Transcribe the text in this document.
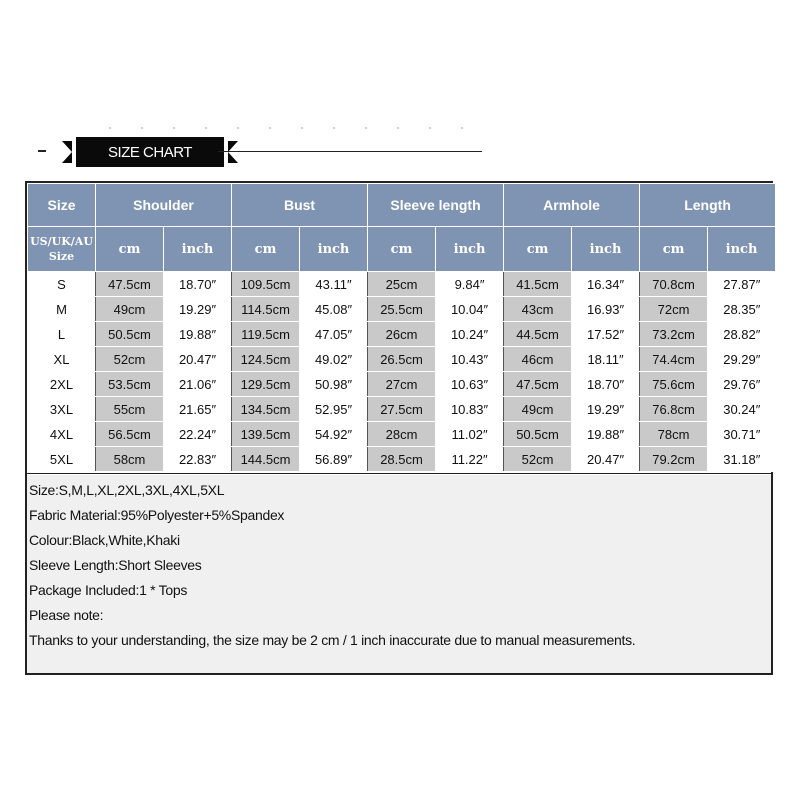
SIZE CHART
Size	Shoulder		Bust		Sleeve length		Armhole		Length	
US/UK/AU
Size	cm	inch	cm	inch	cm	inch	cm	inch	cm	inch
S	47.5cm	18.70″	109.5cm	43.11″	25cm	9.84″	41.5cm	16.34″	70.8cm	27.87″
M	49cm	19.29″	114.5cm	45.08″	25.5cm	10.04″	43cm	16.93″	72cm	28.35″
L	50.5cm	19.88″	119.5cm	47.05″	26cm	10.24″	44.5cm	17.52″	73.2cm	28.82″
XL	52cm	20.47″	124.5cm	49.02″	26.5cm	10.43″	46cm	18.11″	74.4cm	29.29″
2XL	53.5cm	21.06″	129.5cm	50.98″	27cm	10.63″	47.5cm	18.70″	75.6cm	29.76″
3XL	55cm	21.65″	134.5cm	52.95″	27.5cm	10.83″	49cm	19.29″	76.8cm	30.24″
4XL	56.5cm	22.24″	139.5cm	54.92″	28cm	11.02″	50.5cm	19.88″	78cm	30.71″
5XL	58cm	22.83″	144.5cm	56.89″	28.5cm	11.22″	52cm	20.47″	79.2cm	31.18″
Size:S,M,L,XL,2XL,3XL,4XL,5XL
Fabric Material:95%Polyester+5%Spandex
Colour:Black,White,Khaki
Sleeve Length:Short Sleeves
Package Included:1 * Tops
Please note:
Thanks to your understanding, the size may be 2 cm / 1 inch inaccurate due to manual measurements.
